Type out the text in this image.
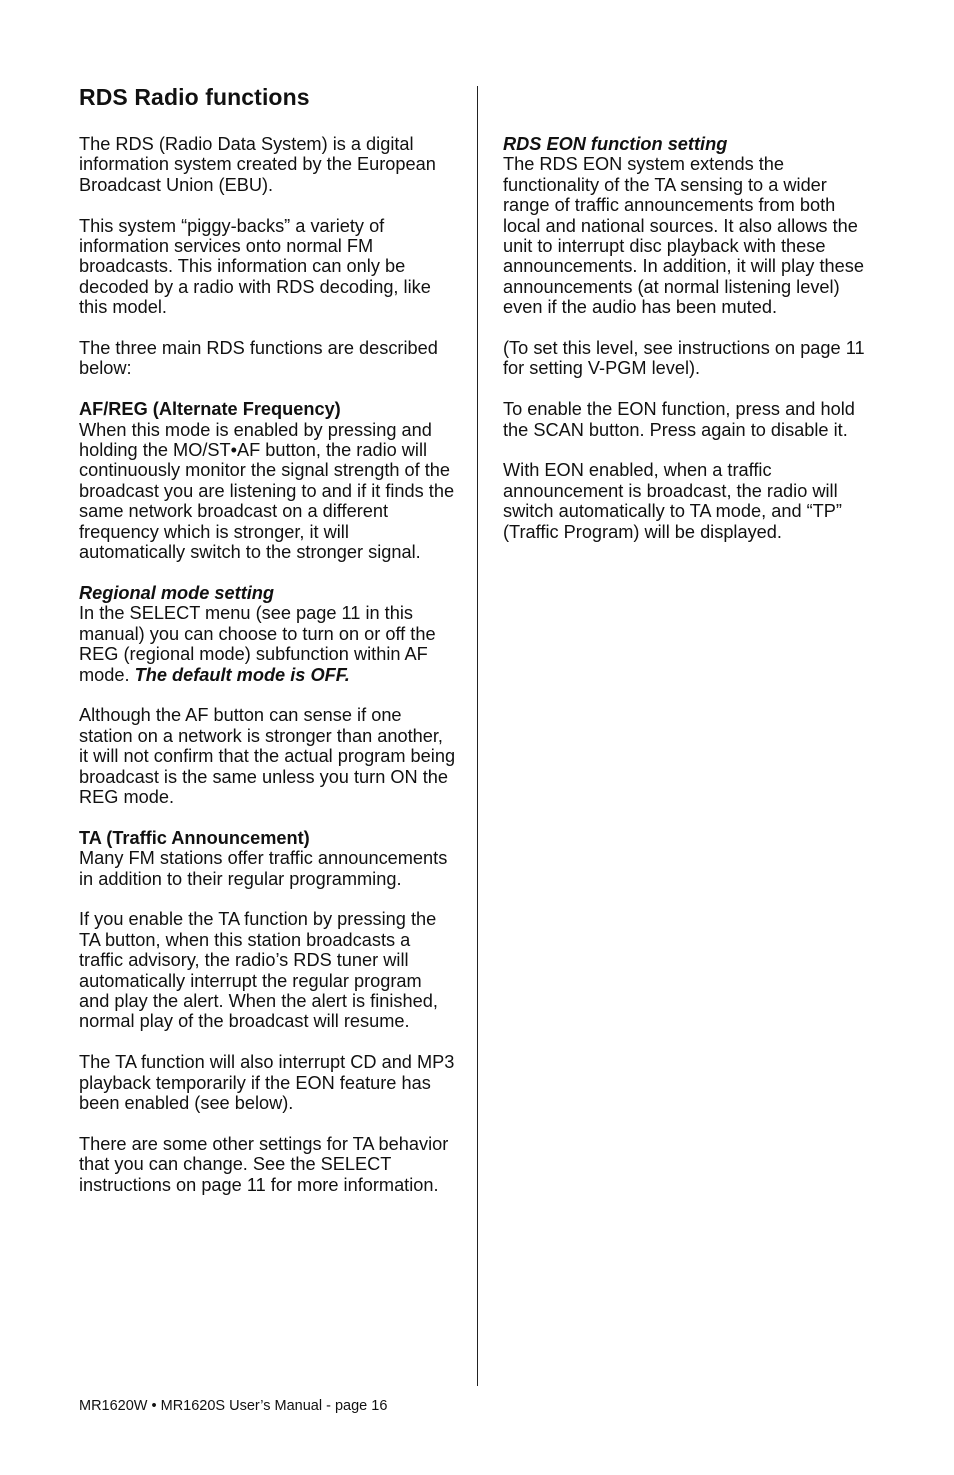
RDS Radio functions

The RDS (Radio Data System) is a digital information system created by the European Broadcast Union (EBU).

This system “piggy-backs” a variety of information services onto normal FM broadcasts. This information can only be decoded by a radio with RDS decoding, like this model.

The three main RDS functions are described below:

AF/REG (Alternate Frequency)
When this mode is enabled by pressing and holding the MO/ST•AF button, the radio will continuously monitor the signal strength of the broadcast you are listening to and if it finds the same network broadcast on a different frequency which is stronger, it will automatically switch to the stronger signal.

Regional mode setting
In the SELECT menu (see page 11 in this manual) you can choose to turn on or off the REG (regional mode) subfunction within AF mode. The default mode is OFF.

Although the AF button can sense if one station on a network is stronger than another, it will not confirm that the actual program being broadcast is the same unless you turn ON the REG mode.

TA (Traffic Announcement)
Many FM stations offer traffic announcements in addition to their regular programming.

If you enable the TA function by pressing the TA button, when this station broadcasts a traffic advisory, the radio’s RDS tuner will automatically interrupt the regular program and play the alert. When the alert is finished, normal play of the broadcast will resume.

The TA function will also interrupt CD and MP3 playback temporarily if the EON feature has been enabled (see below).

There are some other settings for TA behavior that you can change. See the SELECT instructions on page 11 for more information.

RDS EON function setting
The RDS EON system extends the functionality of the TA sensing to a wider range of traffic announcements from both local and national sources. It also allows the unit to interrupt disc playback with these announcements. In addition, it will play these announcements (at normal listening level) even if the audio has been muted.

(To set this level, see instructions on page 11 for setting V-PGM level).

To enable the EON function, press and hold the SCAN button. Press again to disable it.

With EON enabled, when a traffic announcement is broadcast, the radio will switch automatically to TA mode, and “TP” (Traffic Program) will be displayed.

MR1620W • MR1620S User’s Manual - page 16
